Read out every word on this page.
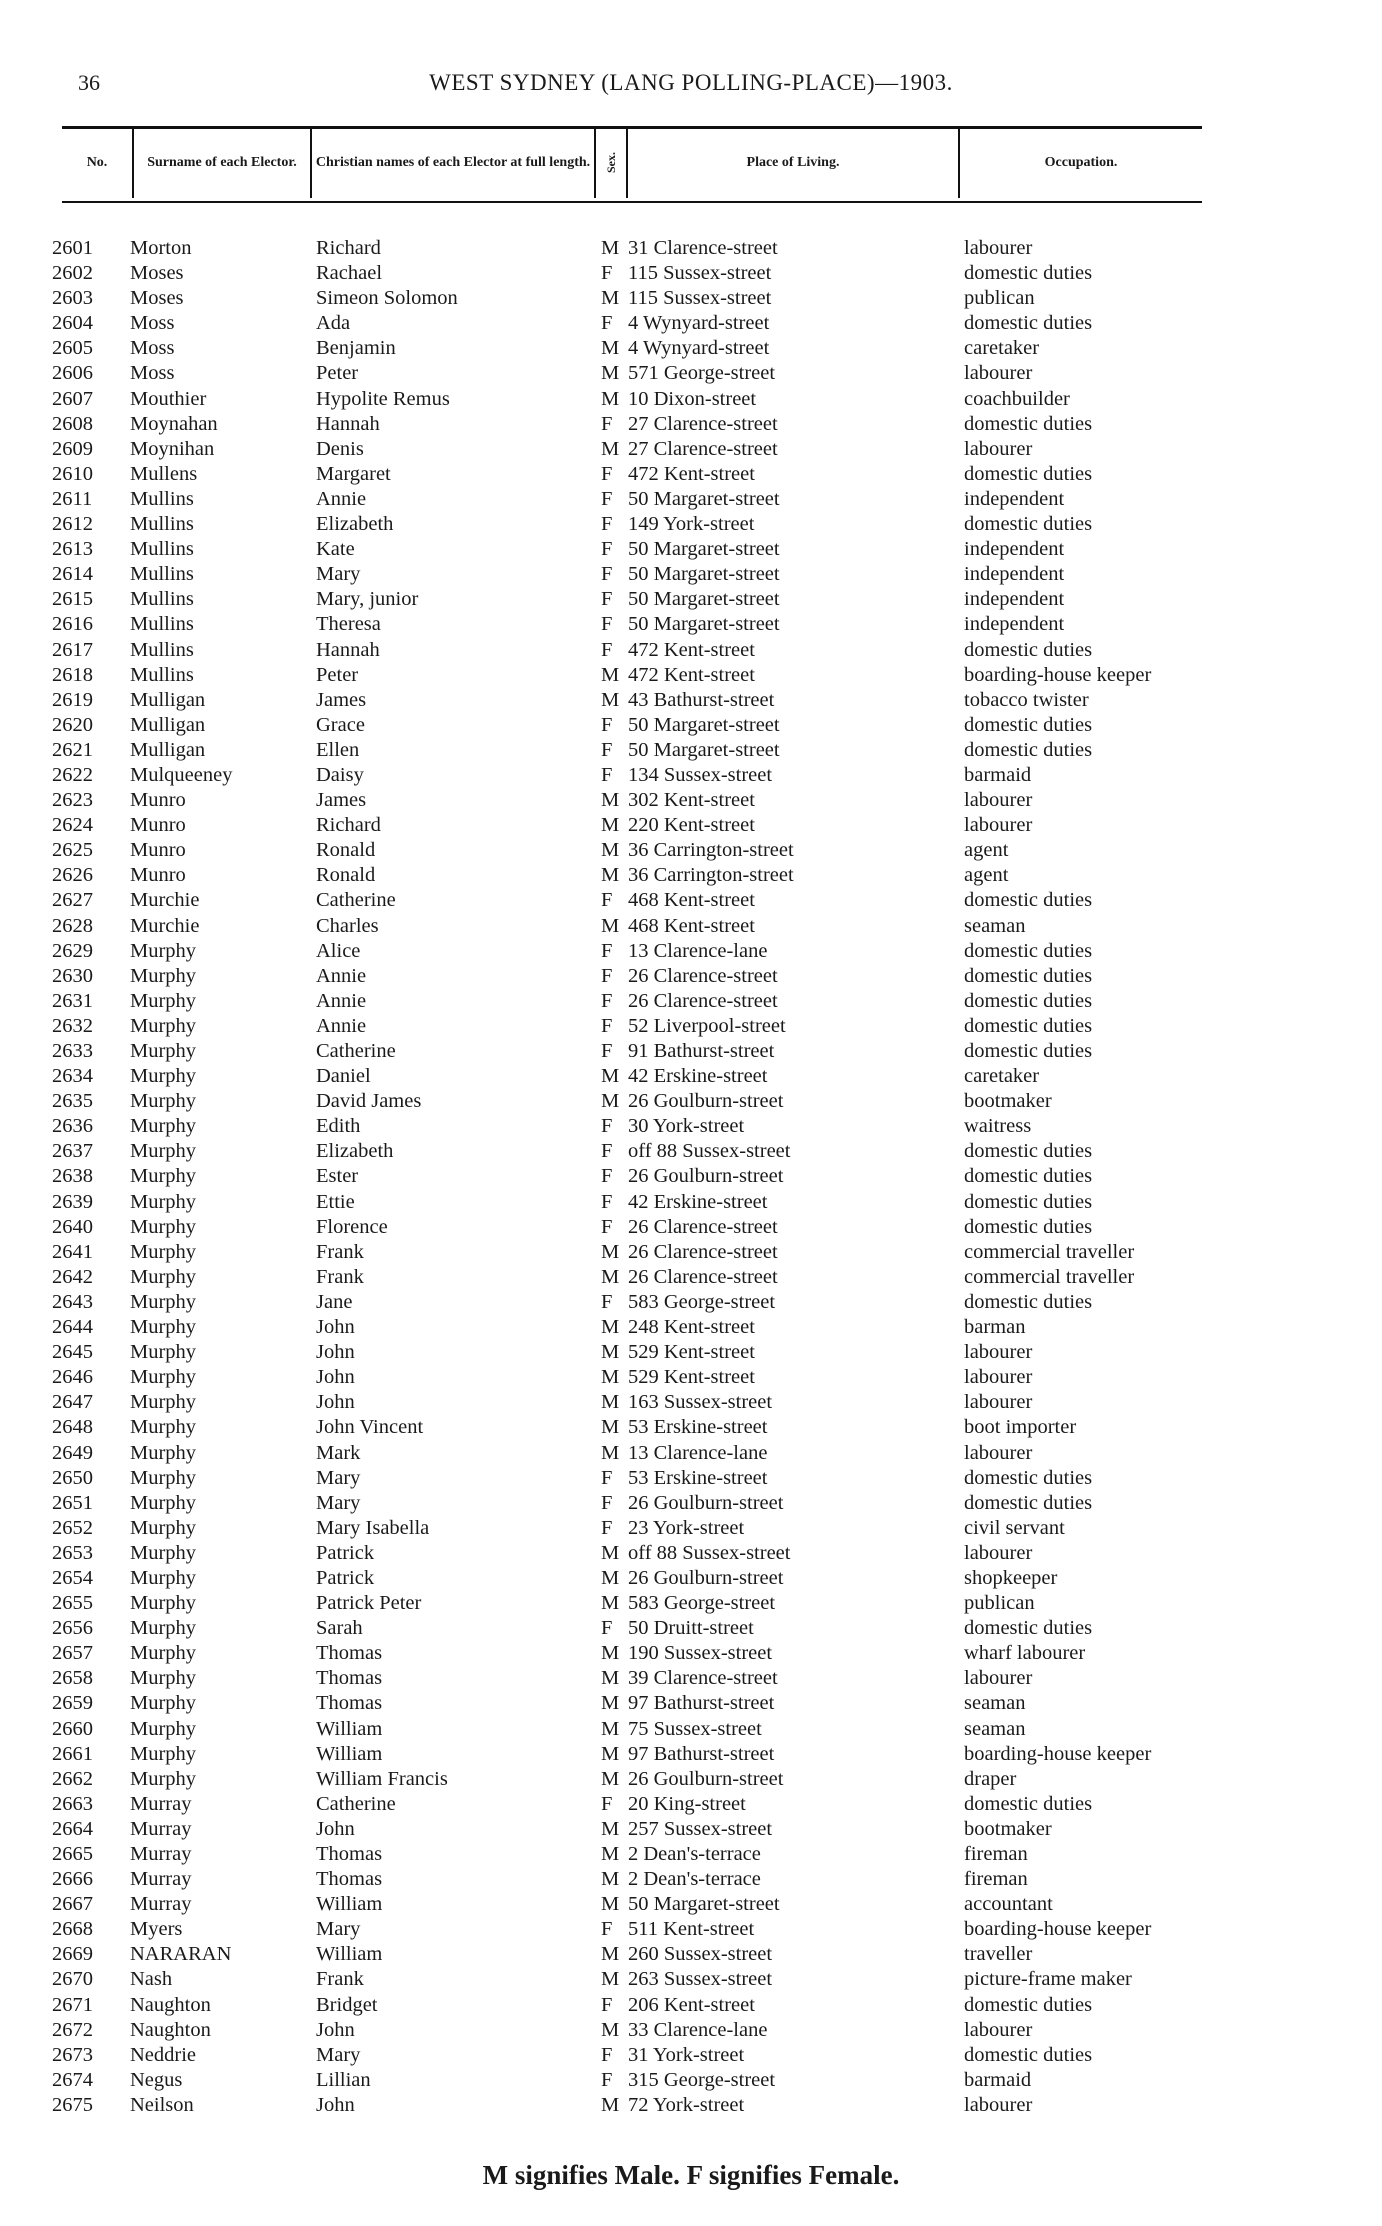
36	WEST SYDNEY (LANG POLLING-PLACE)—1903.
No.	Surname of each Elector.	Christian names of each Elector at full length.	Sex.	Place of Living.	Occupation.
2601 Morton	Richard	M 31 Clarence-street	labourer
2602 Moses	Rachael	F 115 Sussex-street	domestic duties
2603 Moses	Simeon Solomon	M 115 Sussex-street	publican
2604 Moss	Ada	F 4 Wynyard-street	domestic duties
2605 Moss	Benjamin	M 4 Wynyard-street	caretaker
2606 Moss	Peter	M 571 George-street	labourer
2607 Mouthier	Hypolite Remus	M 10 Dixon-street	coachbuilder
2608 Moynahan	Hannah	F 27 Clarence-street	domestic duties
2609 Moynihan	Denis	M 27 Clarence-street	labourer
2610 Mullens	Margaret	F 472 Kent-street	domestic duties
2611 Mullins	Annie	F 50 Margaret-street	independent
2612 Mullins	Elizabeth	F 149 York-street	domestic duties
2613 Mullins	Kate	F 50 Margaret-street	independent
2614 Mullins	Mary	F 50 Margaret-street	independent
2615 Mullins	Mary, junior	F 50 Margaret-street	independent
2616 Mullins	Theresa	F 50 Margaret-street	independent
2617 Mullins	Hannah	F 472 Kent-street	domestic duties
2618 Mullins	Peter	M 472 Kent-street	boarding-house keeper
2619 Mulligan	James	M 43 Bathurst-street	tobacco twister
2620 Mulligan	Grace	F 50 Margaret-street	domestic duties
2621 Mulligan	Ellen	F 50 Margaret-street	domestic duties
2622 Mulqueeney	Daisy	F 134 Sussex-street	barmaid
2623 Munro	James	M 302 Kent-street	labourer
2624 Munro	Richard	M 220 Kent-street	labourer
2625 Munro	Ronald	M 36 Carrington-street	agent
2626 Munro	Ronald	M 36 Carrington-street	agent
2627 Murchie	Catherine	F 468 Kent-street	domestic duties
2628 Murchie	Charles	M 468 Kent-street	seaman
2629 Murphy	Alice	F 13 Clarence-lane	domestic duties
2630 Murphy	Annie	F 26 Clarence-street	domestic duties
2631 Murphy	Annie	F 26 Clarence-street	domestic duties
2632 Murphy	Annie	F 52 Liverpool-street	domestic duties
2633 Murphy	Catherine	F 91 Bathurst-street	domestic duties
2634 Murphy	Daniel	M 42 Erskine-street	caretaker
2635 Murphy	David James	M 26 Goulburn-street	bootmaker
2636 Murphy	Edith	F 30 York-street	waitress
2637 Murphy	Elizabeth	F off 88 Sussex-street	domestic duties
2638 Murphy	Ester	F 26 Goulburn-street	domestic duties
2639 Murphy	Ettie	F 42 Erskine-street	domestic duties
2640 Murphy	Florence	F 26 Clarence-street	domestic duties
2641 Murphy	Frank	M 26 Clarence-street	commercial traveller
2642 Murphy	Frank	M 26 Clarence-street	commercial traveller
2643 Murphy	Jane	F 583 George-street	domestic duties
2644 Murphy	John	M 248 Kent-street	barman
2645 Murphy	John	M 529 Kent-street	labourer
2646 Murphy	John	M 529 Kent-street	labourer
2647 Murphy	John	M 163 Sussex-street	labourer
2648 Murphy	John Vincent	M 53 Erskine-street	boot importer
2649 Murphy	Mark	M 13 Clarence-lane	labourer
2650 Murphy	Mary	F 53 Erskine-street	domestic duties
2651 Murphy	Mary	F 26 Goulburn-street	domestic duties
2652 Murphy	Mary Isabella	F 23 York-street	civil servant
2653 Murphy	Patrick	M off 88 Sussex-street	labourer
2654 Murphy	Patrick	M 26 Goulburn-street	shopkeeper
2655 Murphy	Patrick Peter	M 583 George-street	publican
2656 Murphy	Sarah	F 50 Druitt-street	domestic duties
2657 Murphy	Thomas	M 190 Sussex-street	wharf labourer
2658 Murphy	Thomas	M 39 Clarence-street	labourer
2659 Murphy	Thomas	M 97 Bathurst-street	seaman
2660 Murphy	William	M 75 Sussex-street	seaman
2661 Murphy	William	M 97 Bathurst-street	boarding-house keeper
2662 Murphy	William Francis	M 26 Goulburn-street	draper
2663 Murray	Catherine	F 20 King-street	domestic duties
2664 Murray	John	M 257 Sussex-street	bootmaker
2665 Murray	Thomas	M 2 Dean's-terrace	fireman
2666 Murray	Thomas	M 2 Dean's-terrace	fireman
2667 Murray	William	M 50 Margaret-street	accountant
2668 Myers	Mary	F 511 Kent-street	boarding-house keeper
2669 NARARAN	William	M 260 Sussex-street	traveller
2670 Nash	Frank	M 263 Sussex-street	picture-frame maker
2671 Naughton	Bridget	F 206 Kent-street	domestic duties
2672 Naughton	John	M 33 Clarence-lane	labourer
2673 Neddrie	Mary	F 31 York-street	domestic duties
2674 Negus	Lillian	F 315 George-street	barmaid
2675 Neilson	John	M 72 York-street	labourer
M signifies Male. F signifies Female.
